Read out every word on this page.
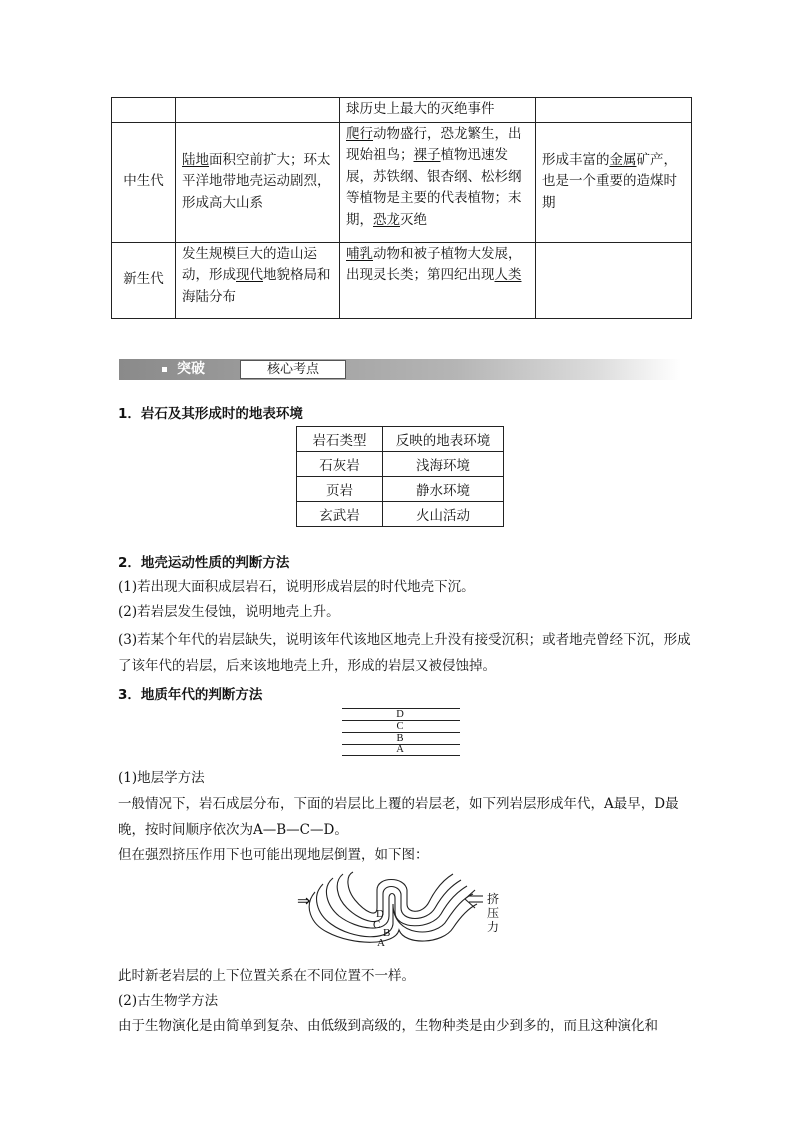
		球历史上最大的灭绝事件	
中生代	陆地面积空前扩大；环太平洋地带地壳运动剧烈，形成高大山系	爬行动物盛行，恐龙繁生，出现始祖鸟；裸子植物迅速发展，苏铁纲、银杏纲、松杉纲等植物是主要的代表植物；末期，恐龙灭绝	形成丰富的金属矿产，也是一个重要的造煤时期
新生代	发生规模巨大的造山运动，形成现代地貌格局和海陆分布	哺乳动物和被子植物大发展，出现灵长类；第四纪出现人类	
突破	核心考点
1．岩石及其形成时的地表环境
岩石类型	反映的地表环境
石灰岩	浅海环境
页岩	静水环境
玄武岩	火山活动
2．地壳运动性质的判断方法
(1)若出现大面积成层岩石，说明形成岩层的时代地壳下沉。
(2)若岩层发生侵蚀，说明地壳上升。
(3)若某个年代的岩层缺失，说明该年代该地区地壳上升没有接受沉积；或者地壳曾经下沉，形成了该年代的岩层，后来该地地壳上升，形成的岩层又被侵蚀掉。
3．地质年代的判断方法
D
C
B
A
(1)地层学方法
一般情况下，岩石成层分布，下面的岩层比上覆的岩层老，如下列岩层形成年代，A最早，D最晚，按时间顺序依次为A—B—C—D。
但在强烈挤压作用下也可能出现地层倒置，如下图：
⇒
D
C
B
A
挤压力
此时新老岩层的上下位置关系在不同位置不一样。
(2)古生物学方法
由于生物演化是由简单到复杂、由低级到高级的，生物种类是由少到多的，而且这种演化和
